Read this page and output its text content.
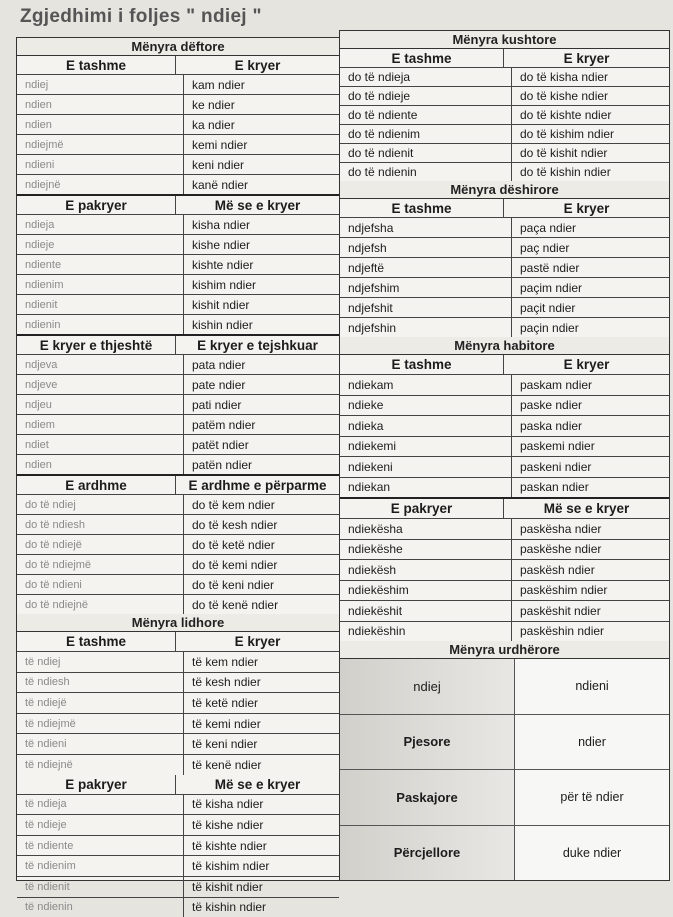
Zgjedhimi i foljes " ndiej "
Mënyra dëftore
E tashme	E kryer
ndiej	kam ndier
ndien	ke ndier
ndien	ka ndier
ndiejmë	kemi ndier
ndieni	keni ndier
ndiejnë	kanë ndier
E pakryer	Më se e kryer
ndieja	kisha ndier
ndieje	kishe ndier
ndiente	kishte ndier
ndienim	kishim ndier
ndienit	kishit ndier
ndienin	kishin ndier
E kryer e thjeshtë	E kryer e tejshkuar
ndjeva	pata ndier
ndjeve	pate ndier
ndjeu	pati ndier
ndiem	patëm ndier
ndiet	patët ndier
ndien	patën ndier
E ardhme	E ardhme e përparme
do të ndiej	do të kem ndier
do të ndiesh	do të kesh ndier
do të ndiejë	do të ketë ndier
do të ndiejmë	do të kemi ndier
do të ndieni	do të keni ndier
do të ndiejnë	do të kenë ndier
Mënyra lidhore
E tashme	E kryer
të ndiej	të kem ndier
të ndiesh	të kesh ndier
të ndiejë	të ketë ndier
të ndiejmë	të kemi ndier
të ndieni	të keni ndier
të ndiejnë	të kenë ndier
E pakryer	Më se e kryer
të ndieja	të kisha ndier
të ndieje	të kishe ndier
të ndiente	të kishte ndier
të ndienim	të kishim ndier
të ndienit	të kishit ndier
të ndienin	të kishin ndier
Mënyra kushtore
E tashme	E kryer
do të ndieja	do të kisha ndier
do të ndieje	do të kishe ndier
do të ndiente	do të kishte ndier
do të ndienim	do të kishim ndier
do të ndienit	do të kishit ndier
do të ndienin	do të kishin ndier
Mënyra dëshirore
E tashme	E kryer
ndjefsha	paça ndier
ndjefsh	paç ndier
ndjeftë	pastë ndier
ndjefshim	paçim ndier
ndjefshit	paçit ndier
ndjefshin	paçin ndier
Mënyra habitore
E tashme	E kryer
ndiekam	paskam ndier
ndieke	paske ndier
ndieka	paska ndier
ndiekemi	paskemi ndier
ndiekeni	paskeni ndier
ndiekan	paskan ndier
E pakryer	Më se e kryer
ndiekësha	paskësha ndier
ndiekëshe	paskëshe ndier
ndiekësh	paskësh ndier
ndiekëshim	paskëshim ndier
ndiekëshit	paskëshit ndier
ndiekëshin	paskëshin ndier
Mënyra urdhërore
ndiej	ndieni
Pjesore	ndier
Paskajore	për të ndier
Përcjellore	duke ndier
